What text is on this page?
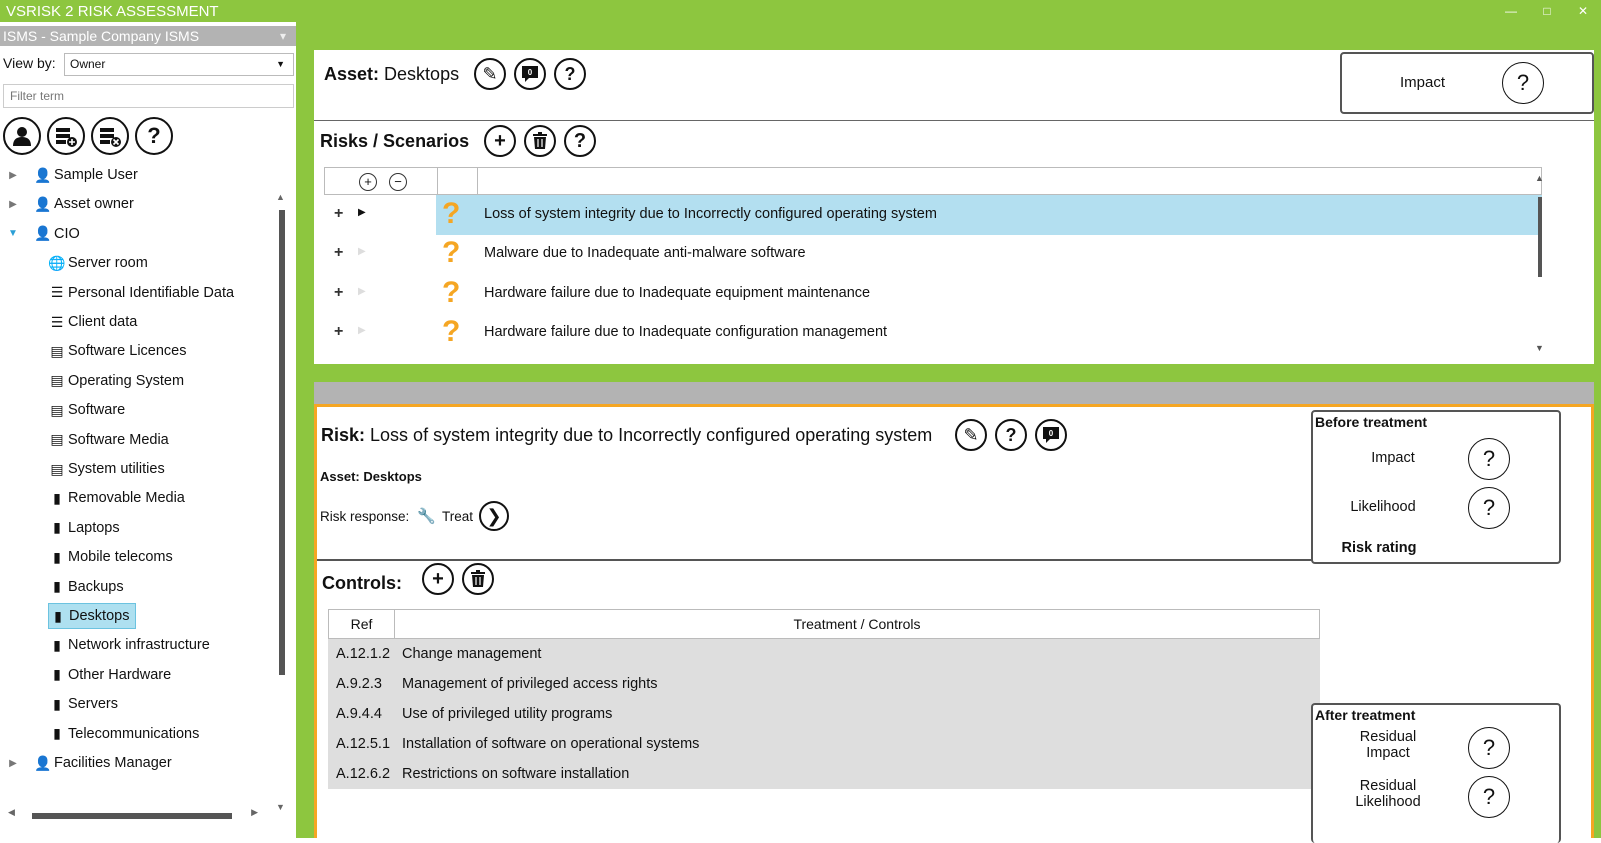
VSRISK 2 RISK ASSESSMENT	—	□	✕
ISMS - Sample Company ISMS	▾
View by:	Owner	▼
Filter term
?
▶ 👤 Sample User
▶ 👤 Asset owner
▼ 👤 CIO
🌐 Server room
☰ Personal Identifiable Data
☰ Client data
▤ Software Licences
▤ Operating System
▤ Software
▤ Software Media
▤ System utilities
▮ Removable Media
▮ Laptops
▮ Mobile telecoms
▮ Backups
▮ Desktops
▮ Network infrastructure
▮ Other Hardware
▮ Servers
▮ Telecommunications
▶ 👤 Facilities Manager
▲
▼
◀	▶
Asset: Desktops ✎	0 ?	Impact	?
Risks / Scenarios +	?
+	−
+ ▶	? Loss of system integrity due to Incorrectly configured operating system
+ ▶	? Malware due to Inadequate anti-malware software
+ ▶	? Hardware failure due to Inadequate equipment maintenance
+ ▶	? Hardware failure due to Inadequate configuration management
▲
▼
Risk: Loss of system integrity due to Incorrectly configured operating system ✎ ?	0
Asset: Desktops
Risk response: 🔧 Treat ❯
Controls: +
Ref	Treatment / Controls
A.12.1.2 Change management
A.9.2.3	Management of privileged access rights
A.9.4.4	Use of privileged utility programs
A.12.5.1 Installation of software on operational systems
A.12.6.2 Restrictions on software installation
Before treatment
Impact	?
Likelihood	?
Risk rating
After treatment
Residual Impact	?
Residual Likelihood	?
